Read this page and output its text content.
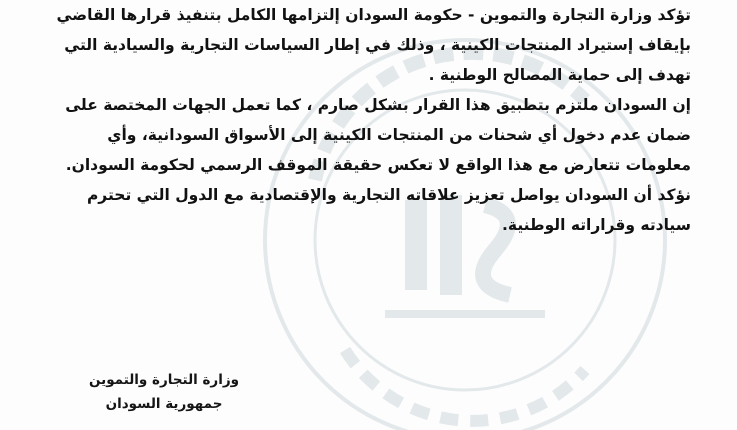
تؤكد وزارة التجارة والتموين - حكومة السودان إلتزامها الكامل بتنفيذ قرارها القاضي
بإيقاف إستيراد المنتجات الكينية ، وذلك في إطار السياسات التجارية والسيادية التي
تهدف إلى حماية المصالح الوطنية .

إن السودان ملتزم بتطبيق هذا القرار بشكل صارم ، كما تعمل الجهات المختصة على
ضمان عدم دخول أي شحنات من المنتجات الكينية إلى الأسواق السودانية، وأي
معلومات تتعارض مع هذا الواقع لا تعكس حقيقة الموقف الرسمي لحكومة السودان.

نؤكد أن السودان يواصل تعزيز علاقاته التجارية والإقتصادية مع الدول التي تحترم
سيادته وقراراته الوطنية.

وزارة التجارة والتموين
جمهورية السودان
